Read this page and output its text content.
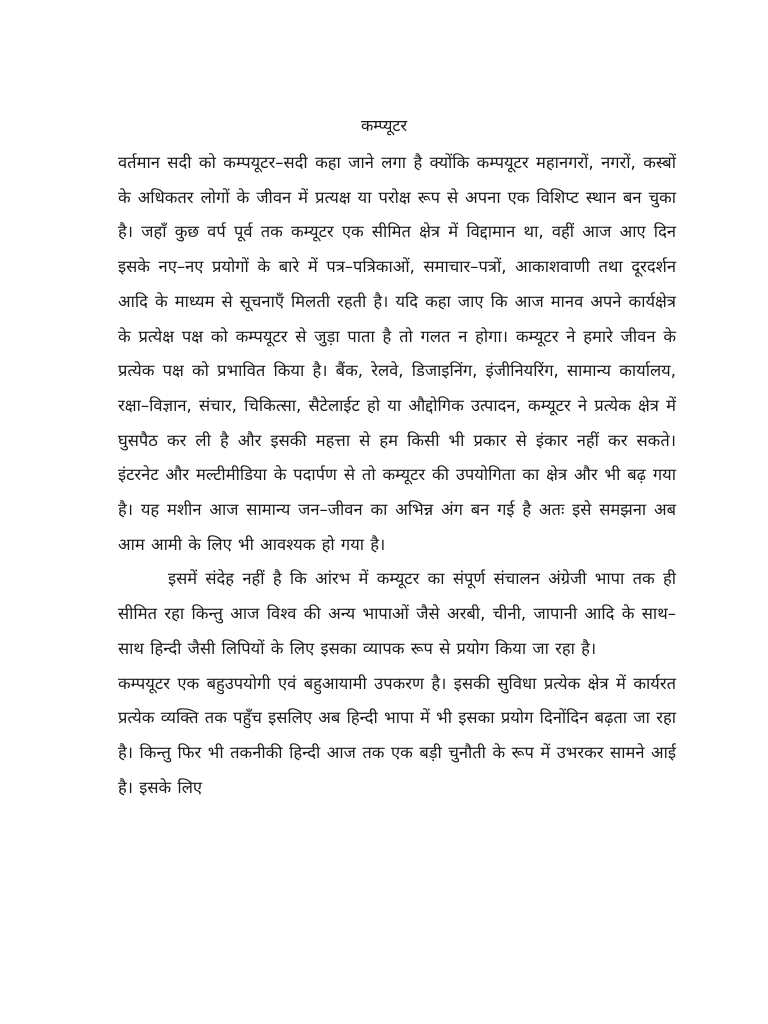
कम्प्यूटर

वर्तमान सदी को कम्पयूटर–सदी कहा जाने लगा है क्योंकि कम्पयूटर महानगरों, नगरों, कस्बों के अधिकतर लोगों के जीवन में प्रत्यक्ष या परोक्ष रूप से अपना एक विशिप्ट स्थान बन चुका है। जहाँ कुछ वर्प पूर्व तक कम्यूटर एक सीमित क्षेत्र में विद्दामान था, वहीं आज आए दिन इसके नए–नए प्रयोगों के बारे में पत्र–पत्रिकाओं, समाचार–पत्रों, आकाशवाणी तथा दूरदर्शन आदि के माध्यम से सूचनाएँ मिलती रहती है। यदि कहा जाए कि आज मानव अपने कार्यक्षेत्र के प्रत्येक्ष पक्ष को कम्पयूटर से जुड़ा पाता है तो गलत न होगा। कम्यूटर ने हमारे जीवन के प्रत्येक पक्ष को प्रभावित किया है। बैंक, रेलवे, डिजाइनिंग, इंजीनियरिंग, सामान्य कार्यालय, रक्षा–विज्ञान, संचार, चिकित्सा, सैटेलाईट हो या औद्दोगिक उत्पादन, कम्यूटर ने प्रत्येक क्षेत्र में घुसपैठ कर ली है और इसकी महत्ता से हम किसी भी प्रकार से इंकार नहीं कर सकते। इंटरनेट और मल्टीमीडिया के पदार्पण से तो कम्यूटर की उपयोगिता का क्षेत्र और भी बढ़ गया है। यह मशीन आज सामान्य जन–जीवन का अभिन्न अंग बन गई है अतः इसे समझना अब आम आमी के लिए भी आवश्यक हो गया है।

इसमें संदेह नहीं है कि आंरभ में कम्यूटर का संपूर्ण संचालन अंग्रेजी भापा तक ही सीमित रहा किन्तु आज विश्व की अन्य भापाओं जैसे अरबी, चीनी, जापानी आदि के साथ–साथ हिन्दी जैसी लिपियों के लिए इसका व्यापक रूप से प्रयोग किया जा रहा है।

कम्पयूटर एक बहुउपयोगी एवं बहुआयामी उपकरण है। इसकी सुविधा प्रत्येक क्षेत्र में कार्यरत प्रत्येक व्यक्ति तक पहुँच इसलिए अब हिन्दी भापा में भी इसका प्रयोग दिनोंदिन बढ़ता जा रहा है। किन्तु फिर भी तकनीकी हिन्दी आज तक एक बड़ी चुनौती के रूप में उभरकर सामने आई है। इसके लिए
